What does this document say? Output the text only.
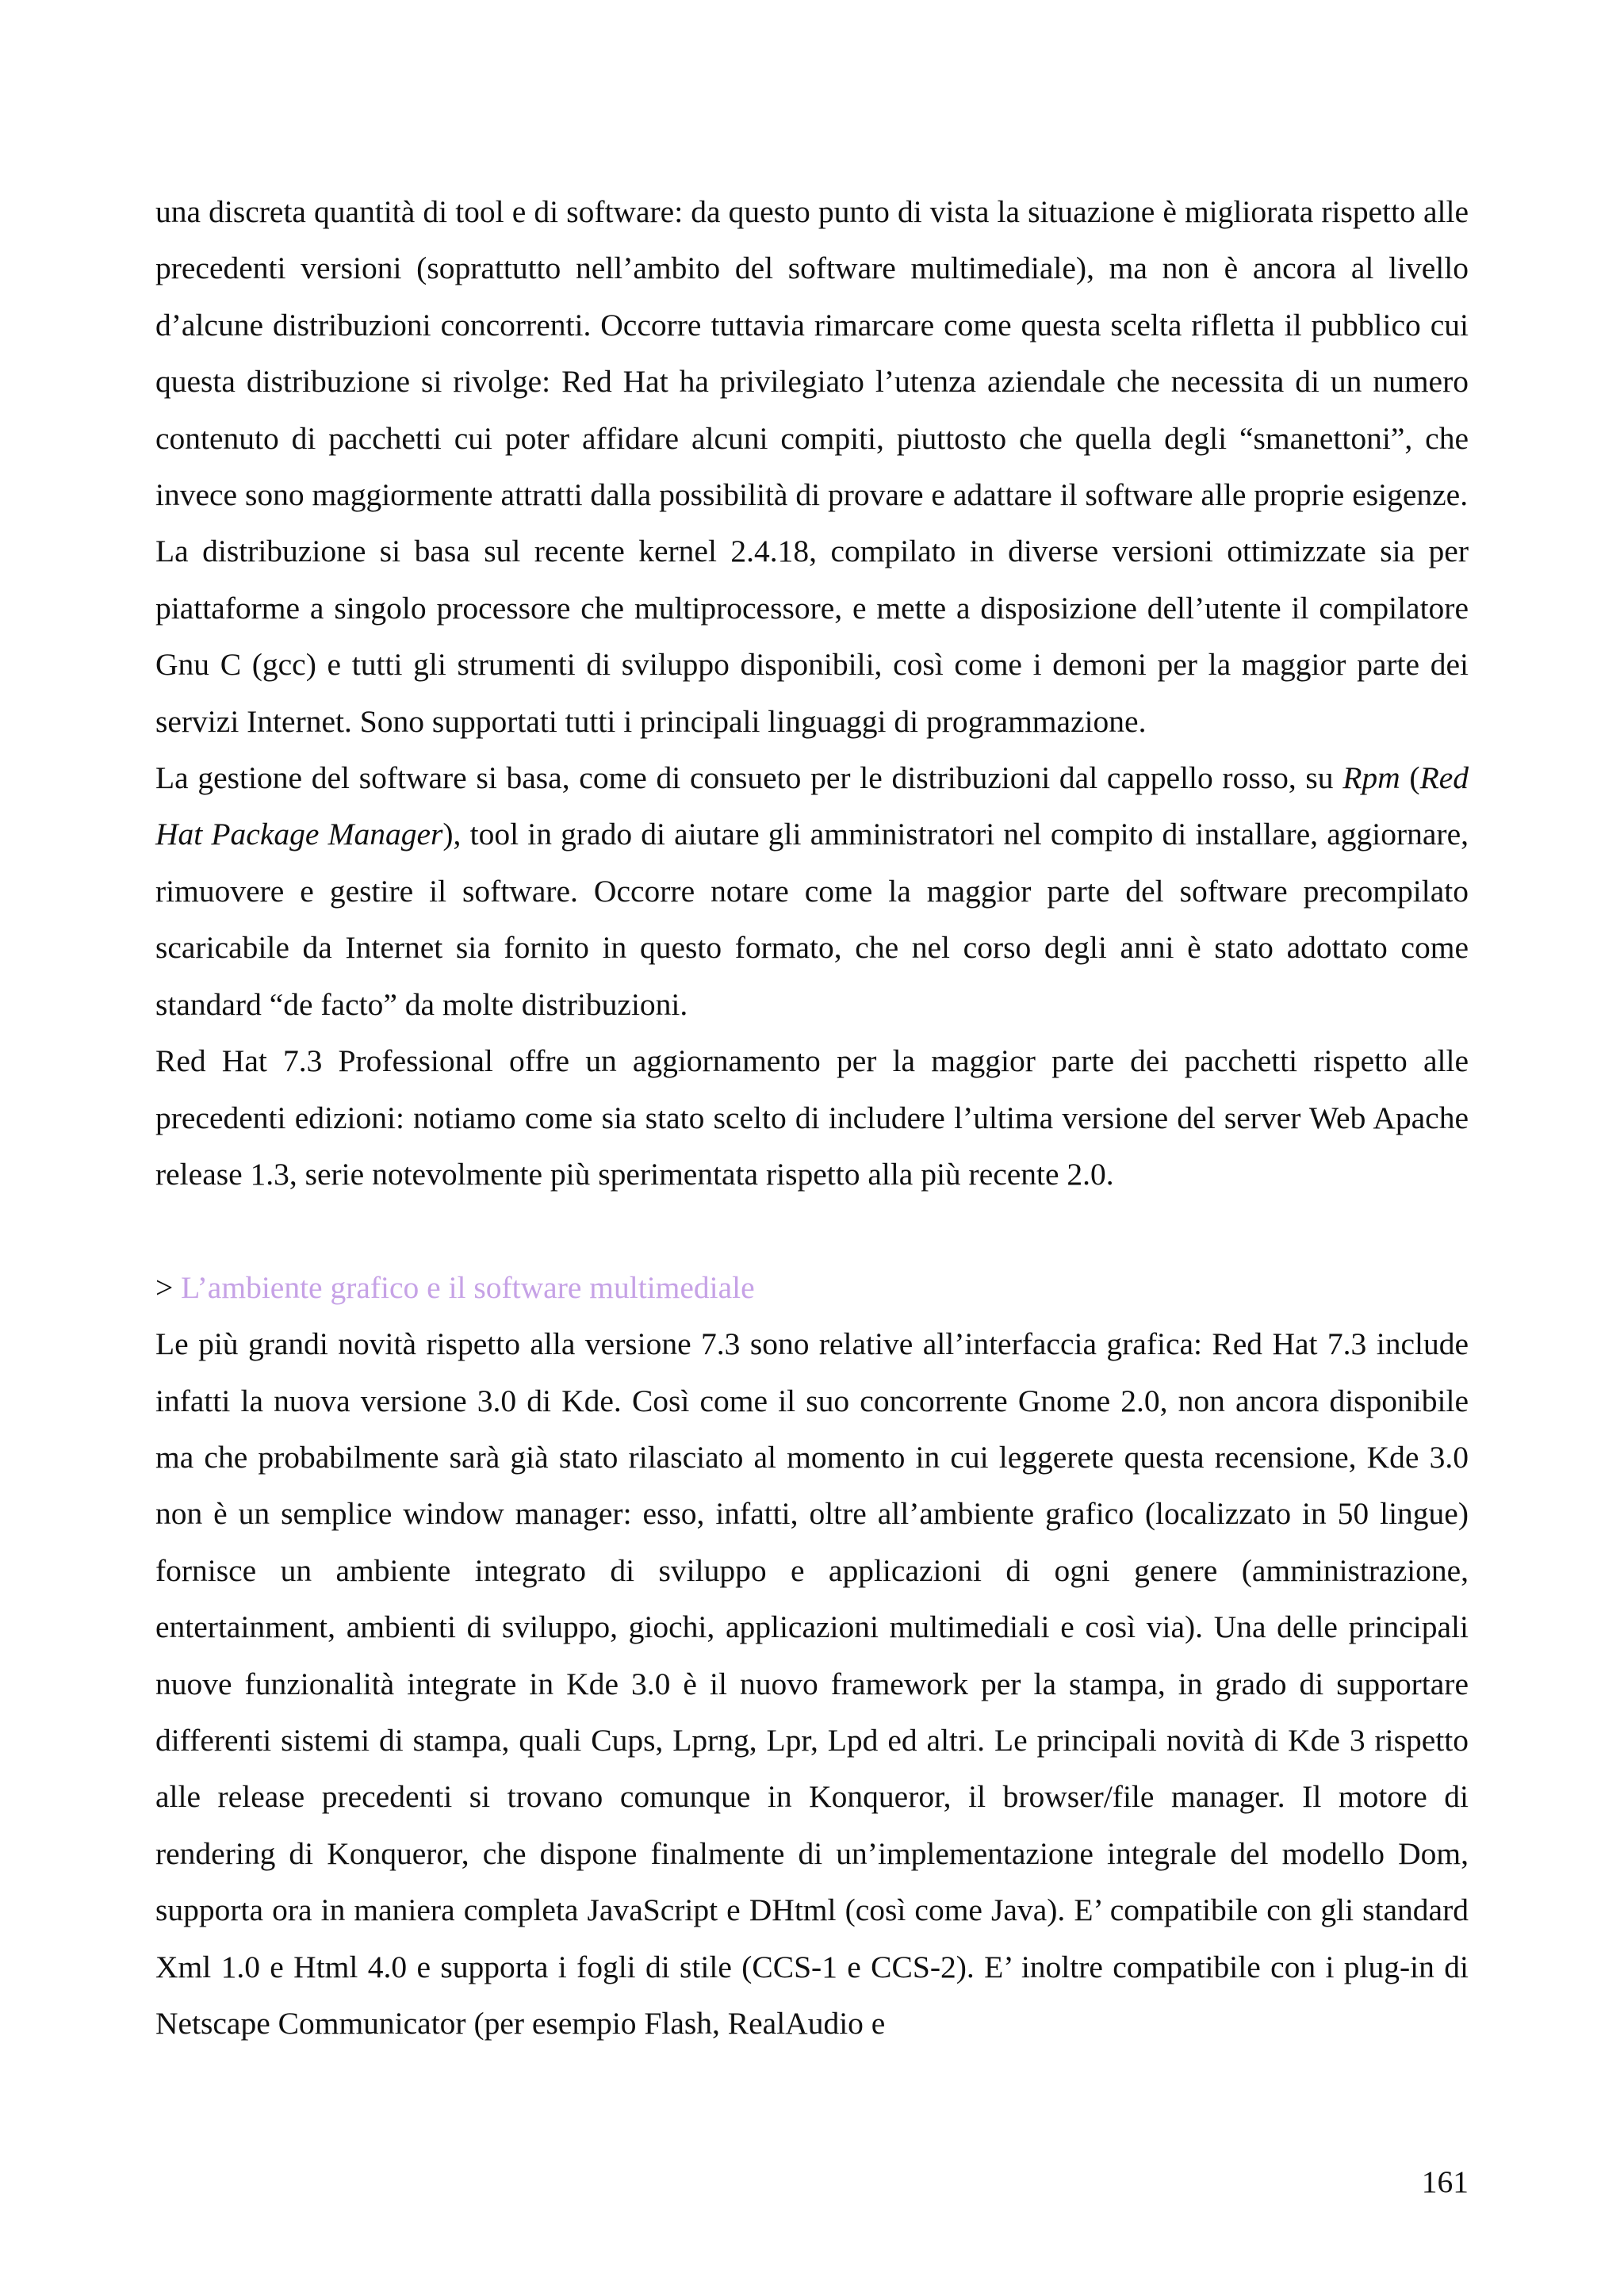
una discreta quantità di tool e di software: da questo punto di vista la situazione è migliorata rispetto alle precedenti versioni (soprattutto nell’ambito del software multimediale), ma non è ancora al livello d’alcune distribuzioni concorrenti. Occorre tuttavia rimarcare come questa scelta rifletta il pubblico cui questa distribuzione si rivolge: Red Hat ha privilegiato l’utenza aziendale che necessita di un numero contenuto di pacchetti cui poter affidare alcuni compiti, piuttosto che quella degli “smanettoni”, che invece sono maggiormente attratti dalla possibilità di provare e adattare il software alle proprie esigenze.

La distribuzione si basa sul recente kernel 2.4.18, compilato in diverse versioni ottimizzate sia per piattaforme a singolo processore che multiprocessore, e mette a disposizione dell’utente il compilatore Gnu C (gcc) e tutti gli strumenti di sviluppo disponibili, così come i demoni per la maggior parte dei servizi Internet. Sono supportati tutti i principali linguaggi di programmazione.

La gestione del software si basa, come di consueto per le distribuzioni dal cappello rosso, su Rpm (Red Hat Package Manager), tool in grado di aiutare gli amministratori nel compito di installare, aggiornare, rimuovere e gestire il software. Occorre notare come la maggior parte del software precompilato scaricabile da Internet sia fornito in questo formato, che nel corso degli anni è stato adottato come standard “de facto” da molte distribuzioni.

Red Hat 7.3 Professional offre un aggiornamento per la maggior parte dei pacchetti rispetto alle precedenti edizioni: notiamo come sia stato scelto di includere l’ultima versione del server Web Apache release 1.3, serie notevolmente più sperimentata rispetto alla più recente 2.0.

> L’ambiente grafico e il software multimediale

Le più grandi novità rispetto alla versione 7.3 sono relative all’interfaccia grafica: Red Hat 7.3 include infatti la nuova versione 3.0 di Kde. Così come il suo concorrente Gnome 2.0, non ancora disponibile ma che probabilmente sarà già stato rilasciato al momento in cui leggerete questa recensione, Kde 3.0 non è un semplice window manager: esso, infatti, oltre all’ambiente grafico (localizzato in 50 lingue) fornisce un ambiente integrato di sviluppo e applicazioni di ogni genere (amministrazione, entertainment, ambienti di sviluppo, giochi, applicazioni multimediali e così via). Una delle principali nuove funzionalità integrate in Kde 3.0 è il nuovo framework per la stampa, in grado di supportare differenti sistemi di stampa, quali Cups, Lprng, Lpr, Lpd ed altri. Le principali novità di Kde 3 rispetto alle release precedenti si trovano comunque in Konqueror, il browser/file manager. Il motore di rendering di Konqueror, che dispone finalmente di un’implementazione integrale del modello Dom, supporta ora in maniera completa JavaScript e DHtml (così come Java). E’ compatibile con gli standard Xml 1.0 e Html 4.0 e supporta i fogli di stile (CCS-1 e CCS-2). E’ inoltre compatibile con i plug-in di Netscape Communicator (per esempio Flash, RealAudio e

161
